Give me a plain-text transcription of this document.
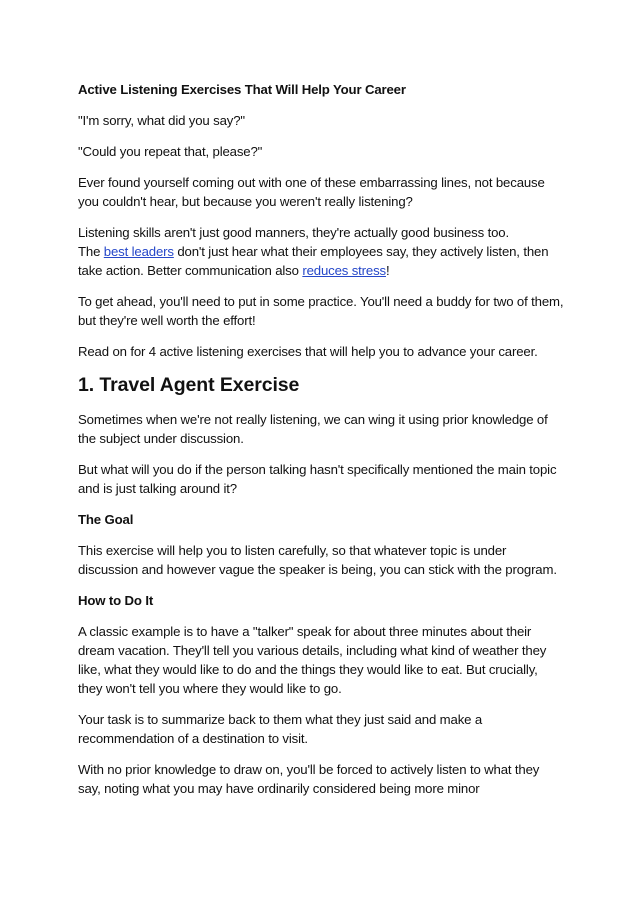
Active Listening Exercises That Will Help Your Career
"I'm sorry, what did you say?"
"Could you repeat that, please?"
Ever found yourself coming out with one of these embarrassing lines, not because you couldn't hear, but because you weren't really listening?
Listening skills aren't just good manners, they're actually good business too.
The best leaders don't just hear what their employees say, they actively listen, then take action. Better communication also reduces stress!
To get ahead, you'll need to put in some practice. You'll need a buddy for two of them, but they're well worth the effort!
Read on for 4 active listening exercises that will help you to advance your career.
1. Travel Agent Exercise
Sometimes when we're not really listening, we can wing it using prior knowledge of the subject under discussion.
But what will you do if the person talking hasn't specifically mentioned the main topic and is just talking around it?
The Goal
This exercise will help you to listen carefully, so that whatever topic is under discussion and however vague the speaker is being, you can stick with the program.
How to Do It
A classic example is to have a "talker" speak for about three minutes about their dream vacation. They'll tell you various details, including what kind of weather they like, what they would like to do and the things they would like to eat. But crucially, they won't tell you where they would like to go.
Your task is to summarize back to them what they just said and make a recommendation of a destination to visit.
With no prior knowledge to draw on, you'll be forced to actively listen to what they say, noting what you may have ordinarily considered being more minor
